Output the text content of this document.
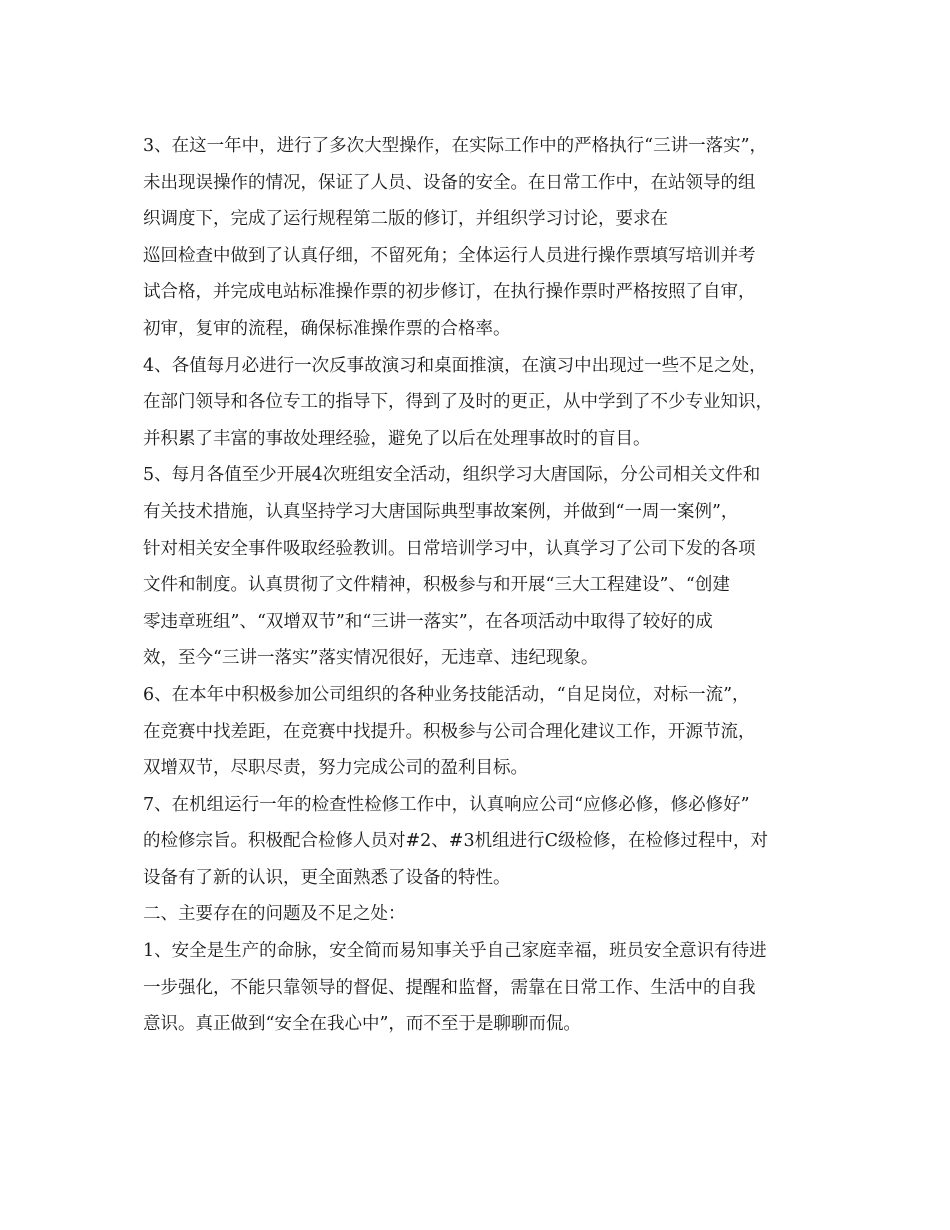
3、在这一年中，进行了多次大型操作，在实际工作中的严格执行“三讲一落实”，
未出现误操作的情况，保证了人员、设备的安全。在日常工作中，在站领导的组
织调度下，完成了运行规程第二版的修订，并组织学习讨论，要求在
巡回检查中做到了认真仔细，不留死角；全体运行人员进行操作票填写培训并考
试合格，并完成电站标准操作票的初步修订，在执行操作票时严格按照了自审，
初审，复审的流程，确保标准操作票的合格率。
4、各值每月必进行一次反事故演习和桌面推演，在演习中出现过一些不足之处，
在部门领导和各位专工的指导下，得到了及时的更正，从中学到了不少专业知识，
并积累了丰富的事故处理经验，避免了以后在处理事故时的盲目。
5、每月各值至少开展4次班组安全活动，组织学习大唐国际，分公司相关文件和
有关技术措施，认真坚持学习大唐国际典型事故案例，并做到“一周一案例”，
针对相关安全事件吸取经验教训。日常培训学习中，认真学习了公司下发的各项
文件和制度。认真贯彻了文件精神，积极参与和开展“三大工程建设”、“创建
零违章班组”、“双增双节”和“三讲一落实”，在各项活动中取得了较好的成
效，至今“三讲一落实”落实情况很好，无违章、违纪现象。
6、在本年中积极参加公司组织的各种业务技能活动，“自足岗位，对标一流”，
在竞赛中找差距，在竞赛中找提升。积极参与公司合理化建议工作，开源节流，
双增双节，尽职尽责，努力完成公司的盈利目标。
7、在机组运行一年的检查性检修工作中，认真响应公司“应修必修，修必修好”
的检修宗旨。积极配合检修人员对#2、#3机组进行C级检修，在检修过程中，对
设备有了新的认识，更全面熟悉了设备的特性。
二、主要存在的问题及不足之处：
1、安全是生产的命脉，安全简而易知事关乎自己家庭幸福，班员安全意识有待进
一步强化，不能只靠领导的督促、提醒和监督，需靠在日常工作、生活中的自我
意识。真正做到“安全在我心中”，而不至于是聊聊而侃。
